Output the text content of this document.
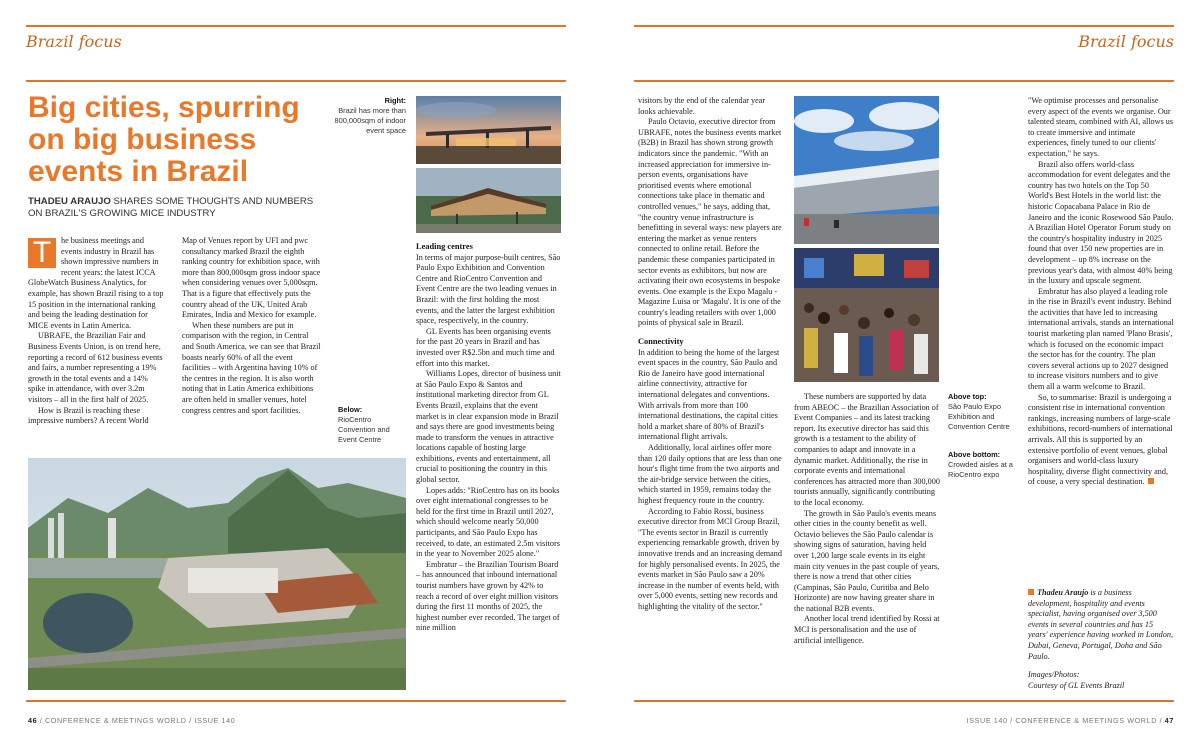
Brazil focus	Brazil focus
Big cities, spurring on big business events in Brazil
THADEU ARAUJO SHARES SOME THOUGHTS AND NUMBERS ON BRAZIL'S GROWING MICE INDUSTRY
T	he business meetings and events industry in Brazil has shown impressive numbers in recent years: the latest ICCA GlobeWatch Business Analytics, for example, has shown Brazil rising to a top 15 position in the international ranking and being the leading destination for MICE events in Latin America.

UBRAFE, the Brazilian Fair and Business Events Union, is on trend here, reporting a record of 612 business events and fairs, a number representing a 19% growth in the total events and a 14% spike in attendance, with over 3.2m visitors – all in the first half of 2025.

How is Brazil is reaching these impressive numbers? A recent World

Map of Venues report by UFI and pwc consultancy marked Brazil the eighth ranking country for exhibition space, with more than 800,000sqm gross indoor space when considering venues over 5,000sqm. That is a figure that effectively puts the country ahead of the UK, United Arab Emirates, India and Mexico for example.

When these numbers are put in comparison with the region, in Central and South America, we can see that Brazil boasts nearly 60% of all the event facilities – with Argentina having 10% of the centres in the region. It is also worth noting that in Latin America exhibitions are often held in smaller venues, hotel congress centres and sport facilities.

Right:
Brazil has more than 800,000sqm of indoor event space
Below:
RioCentro Convention and Event Centre
Leading centres

In terms of major purpose-built centres, São Paulo Expo Exhibition and Convention Centre and RioCentro Convention and Event Centre are the two leading venues in Brazil: with the first holding the most events, and the latter the largest exhibition space, respectively, in the country.

GL Events has been organising events for the past 20 years in Brazil and has invested over R$2.5bn and much time and effort into this market.

Williams Lopes, director of business unit at São Paulo Expo & Santos and institutional marketing director from GL Events Brazil, explains that the event market is in clear expansion mode in Brazil and says there are good investments being made to transform the venues in attractive locations capable of hosting large exhibitions, events and entertainment, all crucial to positioning the country in this global sector.

Lopes adds: "RioCentro has on its books over eight international congresses to be held for the first time in Brazil until 2027, which should welcome nearly 50,000 participants, and São Paulo Expo has received, to date, an estimated 2.5m visitors in the year to November 2025 alone."

Embratur – the Brazilian Tourism Board – has announced that inbound international tourist numbers have grown by 42% to reach a record of over eight million visitors during the first 11 months of 2025, the highest number ever recorded. The target of nine million

visitors by the end of the calendar year looks achievable.

Paulo Octavio, executive director from UBRAFE, notes the business events market (B2B) in Brazil has shown strong growth indicators since the pandemic. "With an increased appreciation for immersive in-person events, organisations have prioritised events where emotional connections take place in thematic and controlled venues," he says, adding that, "the country venue infrastructure is benefitting in several ways: new players are entering the market as venue renters connected to online retail. Before the pandemic these companies participated in sector events as exhibitors, but now are activating their own ecosystems in bespoke events. One example is the Expo Magalu - Magazine Luisa or 'Magalu'. It is one of the country's leading retailers with over 1,000 points of physical sale in Brazil.

Connectivity

In addition to being the home of the largest event spaces in the country, São Paulo and Rio de Janeiro have good international airline connectivity, attractive for international delegates and conventions. With arrivals from more than 100 international destinations, the capital cities hold a market share of 80% of Brazil's international flight arrivals.

Additionally, local airlines offer more than 120 daily options that are less than one hour's flight time from the two airports and the air-bridge service between the cities, which started in 1959, remains today the highest frequency route in the country.

According to Fabio Rossi, business executive director from MCI Group Brazil, "The events sector in Brazil is currently experiencing remarkable growth, driven by innovative trends and an increasing demand for highly personalised events. In 2025, the events market in São Paulo saw a 20% increase in the number of events held, with over 5,000 events, setting new records and highlighting the vitality of the sector."

These numbers are supported by data from ABEOC – the Brazilian Association of Event Companies – and its latest tracking report. Its executive director has said this growth is a testament to the ability of companies to adapt and innovate in a dynamic market. Additionally, the rise in corporate events and international conferences has attracted more than 300,000 tourists annually, significantly contributing to the local economy.

The growth in São Paulo's events means other cities in the county benefit as well. Octavio believes the São Paulo calendar is showing signs of saturation, having held over 1,200 large scale events in its eight main city venues in the past couple of years, there is now a trend that other cities (Campinas, São Paulo, Curitiba and Belo Horizonte) are now having greater share in the national B2B events.

Another local trend identified by Rossi at MCI is personalisation and the use of artificial intelligence.

Above top:
São Paulo Expo Exhibition and Convention Centre
Above bottom:
Crowded aisles at a RioCentro expo

"We optimise processes and personalise every aspect of the events we organise. Our talented steam, combined with AI, allows us to create immersive and intimate experiences, finely tuned to our clients' expectation," he says.

Brazil also offers world-class accommodation for event delegates and the country has two hotels on the Top 50 World's Best Hotels in the world list: the historic Copacabana Palace in Rio de Janeiro and the iconic Rosewood São Paulo. A Brazilian Hotel Operator Forum study on the country's hospitality industry in 2025 found that over 150 new properties are in development – up 8% increase on the previous year's data, with almost 40% being in the luxury and upscale segment.

Embratur has also played a leading role in the rise in Brazil's event industry. Behind the activities that have led to increasing international arrivals, stands an international tourist marketing plan named 'Plano Brasis', which is focused on the economic impact the sector has for the country. The plan covers several actions up to 2027 designed to increase visitors numbers and to give them all a warm welcome to Brazil.

So, to summarise: Brazil is undergoing a consistent rise in international convention rankings, increasing numbers of large-scale exhibitions, record-numbers of international arrivals. All this is supported by an extensive portfolio of event venues, global organisers and world-class luxury hospitality, diverse flight connectivity and, of couse, a very special destination.

Thadeu Araujo is a business development, hospitality and events specialist, having organised over 3,500 events in several countries and has 15 years' experience having worked in London, Dubai, Geneva, Portugal, Doha and São Paulo.

Images/Photos:

Courtesy of GL Events Brazil

46 / CONFERENCE & MEETINGS WORLD / ISSUE 140	ISSUE 140 / CONFERENCE & MEETINGS WORLD / 47
